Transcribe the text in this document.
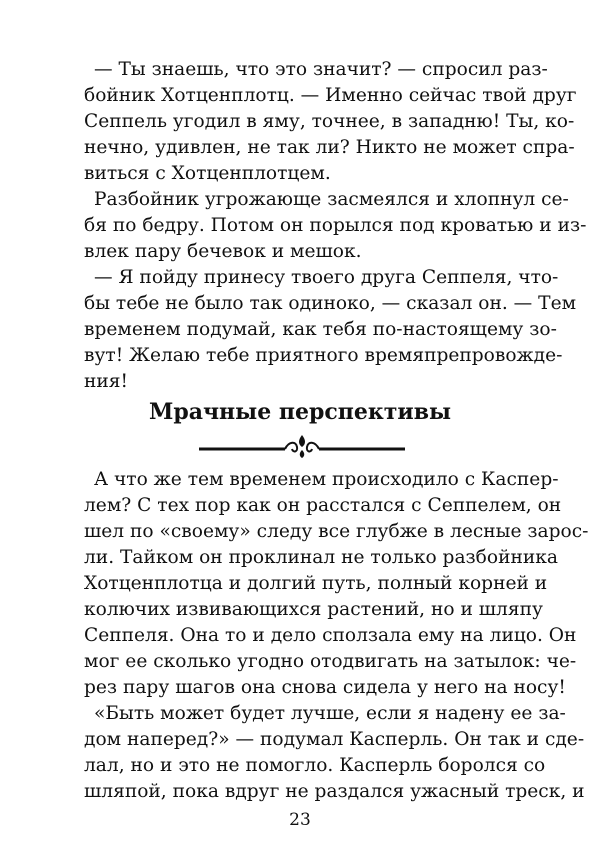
— Ты знаешь, что это значит? — спросил раз-
бойник Хотценплотц. — Именно сейчас твой друг
Сеппель угодил в яму, точнее, в западню! Ты, ко-
нечно, удивлен, не так ли? Никто не может спра-
виться с Хотценплотцем.
Разбойник угрожающе засмеялся и хлопнул се-
бя по бедру. Потом он порылся под кроватью и из-
влек пару бечевок и мешок.
— Я пойду принесу твоего друга Сеппеля, что-
бы тебе не было так одиноко, — сказал он. — Тем
временем подумай, как тебя по-настоящему зо-
вут! Желаю тебе приятного времяпрепровожде-
ния!
Мрачные перспективы
А что же тем временем происходило с Каспер-
лем? С тех пор как он расстался с Сеппелем, он
шел по «своему» следу все глубже в лесные зарос-
ли. Тайком он проклинал не только разбойника
Хотценплотца и долгий путь, полный корней и
колючих извивающихся растений, но и шляпу
Сеппеля. Она то и дело сползала ему на лицо. Он
мог ее сколько угодно отодвигать на затылок: че-
рез пару шагов она снова сидела у него на носу!
«Быть может будет лучше, если я надену ее за-
дом наперед?» — подумал Касперль. Он так и сде-
лал, но и это не помогло. Касперль боролся со
шляпой, пока вдруг не раздался ужасный треск, и
23
